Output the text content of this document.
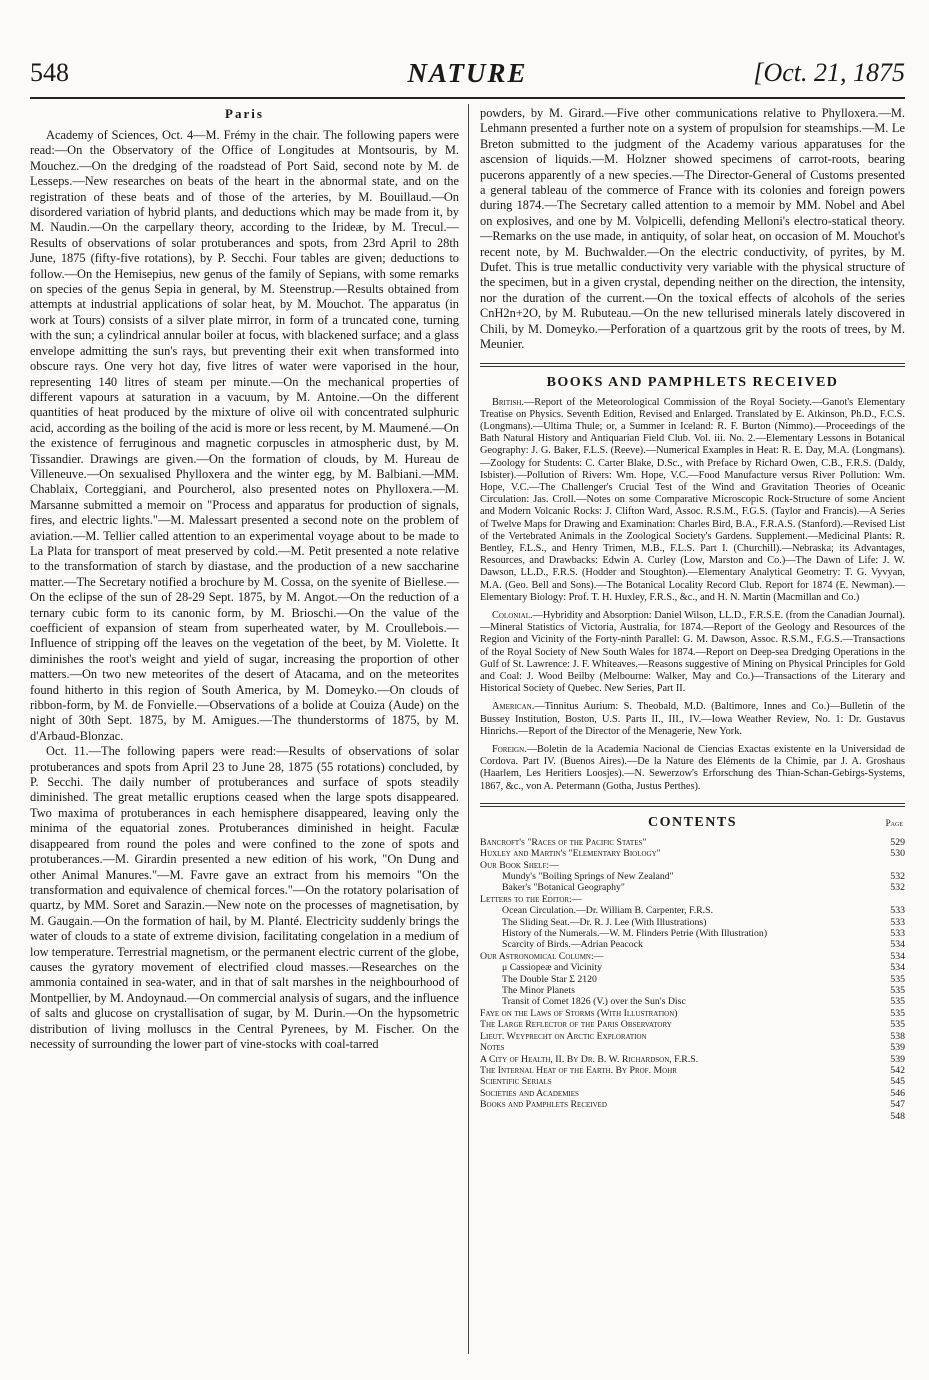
548	NATURE	[Oct. 21, 1875
Paris

Academy of Sciences, Oct. 4—M. Frémy in the chair. The following papers were read:—On the Observatory of the Office of Longitudes at Montsouris, by M. Mouchez.—On the dredging of the roadstead of Port Said, second note by M. de Lesseps.—New researches on beats of the heart in the abnormal state, and on the registration of these beats and of those of the arteries, by M. Bouillaud.—On disordered variation of hybrid plants, and deductions which may be made from it, by M. Naudin.—On the carpellary theory, according to the Irideæ, by M. Trecul.—Results of observations of solar protuberances and spots, from 23rd April to 28th June, 1875 (fifty-five rotations), by P. Secchi. Four tables are given; deductions to follow.—On the Hemisepius, new genus of the family of Sepians, with some remarks on species of the genus Sepia in general, by M. Steenstrup.—Results obtained from attempts at industrial applications of solar heat, by M. Mouchot. The apparatus (in work at Tours) consists of a silver plate mirror, in form of a truncated cone, turning with the sun; a cylindrical annular boiler at focus, with blackened surface; and a glass envelope admitting the sun's rays, but preventing their exit when transformed into obscure rays. One very hot day, five litres of water were vaporised in the hour, representing 140 litres of steam per minute.—On the mechanical properties of different vapours at saturation in a vacuum, by M. Antoine.—On the different quantities of heat produced by the mixture of olive oil with concentrated sulphuric acid, according as the boiling of the acid is more or less recent, by M. Maumené.—On the existence of ferruginous and magnetic corpuscles in atmospheric dust, by M. Tissandier. Drawings are given.—On the formation of clouds, by M. Hureau de Villeneuve.—On sexualised Phylloxera and the winter egg, by M. Balbiani.—MM. Chablaix, Corteggiani, and Pourcherol, also presented notes on Phylloxera.—M. Marsanne submitted a memoir on "Process and apparatus for production of signals, fires, and electric lights."—M. Malessart presented a second note on the problem of aviation.—M. Tellier called attention to an experimental voyage about to be made to La Plata for transport of meat preserved by cold.—M. Petit presented a note relative to the transformation of starch by diastase, and the production of a new saccharine matter.—The Secretary notified a brochure by M. Cossa, on the syenite of Biellese.—On the eclipse of the sun of 28-29 Sept. 1875, by M. Angot.—On the reduction of a ternary cubic form to its canonic form, by M. Brioschi.—On the value of the coefficient of expansion of steam from superheated water, by M. Croullebois.—Influence of stripping off the leaves on the vegetation of the beet, by M. Violette. It diminishes the root's weight and yield of sugar, increasing the proportion of other matters.—On two new meteorites of the desert of Atacama, and on the meteorites found hitherto in this region of South America, by M. Domeyko.—On clouds of ribbon-form, by M. de Fonvielle.—Observations of a bolide at Couiza (Aude) on the night of 30th Sept. 1875, by M. Amigues.—The thunderstorms of 1875, by M. d'Arbaud-Blonzac.

Oct. 11.—The following papers were read:—Results of observations of solar protuberances and spots from April 23 to June 28, 1875 (55 rotations) concluded, by P. Secchi. The daily number of protuberances and surface of spots steadily diminished. The great metallic eruptions ceased when the large spots disappeared. Two maxima of protuberances in each hemisphere disappeared, leaving only the minima of the equatorial zones. Protuberances diminished in height. Faculæ disappeared from round the poles and were confined to the zone of spots and protuberances.—M. Girardin presented a new edition of his work, "On Dung and other Animal Manures."—M. Favre gave an extract from his memoirs "On the transformation and equivalence of chemical forces."—On the rotatory polarisation of quartz, by MM. Soret and Sarazin.—New note on the processes of magnetisation, by M. Gaugain.—On the formation of hail, by M. Planté. Electricity suddenly brings the water of clouds to a state of extreme division, facilitating congelation in a medium of low temperature. Terrestrial magnetism, or the permanent electric current of the globe, causes the gyratory movement of electrified cloud masses.—Researches on the ammonia contained in sea-water, and in that of salt marshes in the neighbourhood of Montpellier, by M. Andoynaud.—On commercial analysis of sugars, and the influence of salts and glucose on crystallisation of sugar, by M. Durin.—On the hypsometric distribution of living molluscs in the Central Pyrenees, by M. Fischer. On the necessity of surrounding the lower part of vine-stocks with coal-tarred

powders, by M. Girard.—Five other communications relative to Phylloxera.—M. Lehmann presented a further note on a system of propulsion for steamships.—M. Le Breton submitted to the judgment of the Academy various apparatuses for the ascension of liquids.—M. Holzner showed specimens of carrot-roots, bearing pucerons apparently of a new species.—The Director-General of Customs presented a general tableau of the commerce of France with its colonies and foreign powers during 1874.—The Secretary called attention to a memoir by MM. Nobel and Abel on explosives, and one by M. Volpicelli, defending Melloni's electro-statical theory.—Remarks on the use made, in antiquity, of solar heat, on occasion of M. Mouchot's recent note, by M. Buchwalder.—On the electric conductivity, of pyrites, by M. Dufet. This is true metallic conductivity very variable with the physical structure of the specimen, but in a given crystal, depending neither on the direction, the intensity, nor the duration of the current.—On the toxical effects of alcohols of the series CnH2n+2O, by M. Rubuteau.—On the new tellurised minerals lately discovered in Chili, by M. Domeyko.—Perforation of a quartzous grit by the roots of trees, by M. Meunier.

BOOKS AND PAMPHLETS RECEIVED

British.—Report of the Meteorological Commission of the Royal Society.—Ganot's Elementary Treatise on Physics. Seventh Edition, Revised and Enlarged. Translated by E. Atkinson, Ph.D., F.C.S. (Longmans).—Ultima Thule; or, a Summer in Iceland: R. F. Burton (Nimmo).—Proceedings of the Bath Natural History and Antiquarian Field Club. Vol. iii. No. 2.—Elementary Lessons in Botanical Geography: J. G. Baker, F.L.S. (Reeve).—Numerical Examples in Heat: R. E. Day, M.A. (Longmans).—Zoology for Students: C. Carter Blake, D.Sc., with Preface by Richard Owen, C.B., F.R.S. (Daldy, Isbister).—Pollution of Rivers: Wm. Hope, V.C.—Food Manufacture versus River Pollution: Wm. Hope, V.C.—The Challenger's Crucial Test of the Wind and Gravitation Theories of Oceanic Circulation: Jas. Croll.—Notes on some Comparative Microscopic Rock-Structure of some Ancient and Modern Volcanic Rocks: J. Clifton Ward, Assoc. R.S.M., F.G.S. (Taylor and Francis).—A Series of Twelve Maps for Drawing and Examination: Charles Bird, B.A., F.R.A.S. (Stanford).—Revised List of the Vertebrated Animals in the Zoological Society's Gardens. Supplement.—Medicinal Plants: R. Bentley, F.L.S., and Henry Trimen, M.B., F.L.S. Part I. (Churchill).—Nebraska; its Advantages, Resources, and Drawbacks: Edwin A. Curley (Low, Marston and Co.)—The Dawn of Life: J. W. Dawson, LL.D., F.R.S. (Hodder and Stoughton).—Elementary Analytical Geometry: T. G. Vyvyan, M.A. (Geo. Bell and Sons).—The Botanical Locality Record Club. Report for 1874 (E. Newman).—Elementary Biology: Prof. T. H. Huxley, F.R.S., &c., and H. N. Martin (Macmillan and Co.)

Colonial.—Hybridity and Absorption: Daniel Wilson, LL.D., F.R.S.E. (from the Canadian Journal).—Mineral Statistics of Victoria, Australia, for 1874.—Report of the Geology and Resources of the Region and Vicinity of the Forty-ninth Parallel: G. M. Dawson, Assoc. R.S.M., F.G.S.—Transactions of the Royal Society of New South Wales for 1874.—Report on Deep-sea Dredging Operations in the Gulf of St. Lawrence: J. F. Whiteaves.—Reasons suggestive of Mining on Physical Principles for Gold and Coal: J. Wood Beilby (Melbourne: Walker, May and Co.)—Transactions of the Literary and Historical Society of Quebec. New Series, Part II.

American.—Tinnitus Aurium: S. Theobald, M.D. (Baltimore, Innes and Co.)—Bulletin of the Bussey Institution, Boston, U.S. Parts II., III., IV.—Iowa Weather Review, No. 1: Dr. Gustavus Hinrichs.—Report of the Director of the Menagerie, New York.

Foreign.—Boletin de la Academia Nacional de Ciencias Exactas existente en la Universidad de Cordova. Part IV. (Buenos Aires).—De la Nature des Eléments de la Chimie, par J. A. Groshaus (Haarlem, Les Heritiers Loosjes).—N. Sewerzow's Erforschung des Thian-Schan-Gebirgs-Systems, 1867, &c., von A. Petermann (Gotha, Justus Perthes).

CONTENTS	Page
Bancroft's "Races of the Pacific States"	529
Huxley and Martin's "Elementary Biology"	530
Our Book Shelf:—
Mundy's "Boiling Springs of New Zealand"	532
Baker's "Botanical Geography"	532
Letters to the Editor:—
Ocean Circulation.—Dr. William B. Carpenter, F.R.S.	533
The Sliding Seat.—Dr. R. J. Lee (With Illustrations)	533
History of the Numerals.—W. M. Flinders Petrie (With Illustration)	533
Scarcity of Birds.—Adrian Peacock	534
Our Astronomical Column:—	534
μ Cassiopeæ and Vicinity	534
The Double Star Σ 2120	535
The Minor Planets	535
Transit of Comet 1826 (V.) over the Sun's Disc	535
Faye on the Laws of Storms (With Illustration)	535
The Large Reflector of the Paris Observatory	535
Lieut. Weyprecht on Arctic Exploration	538
Notes	539
A City of Health, II. By Dr. B. W. Richardson, F.R.S.	539
The Internal Heat of the Earth. By Prof. Mohr	542
Scientific Serials	545
Societies and Academies	546
Books and Pamphlets Received	547
548
